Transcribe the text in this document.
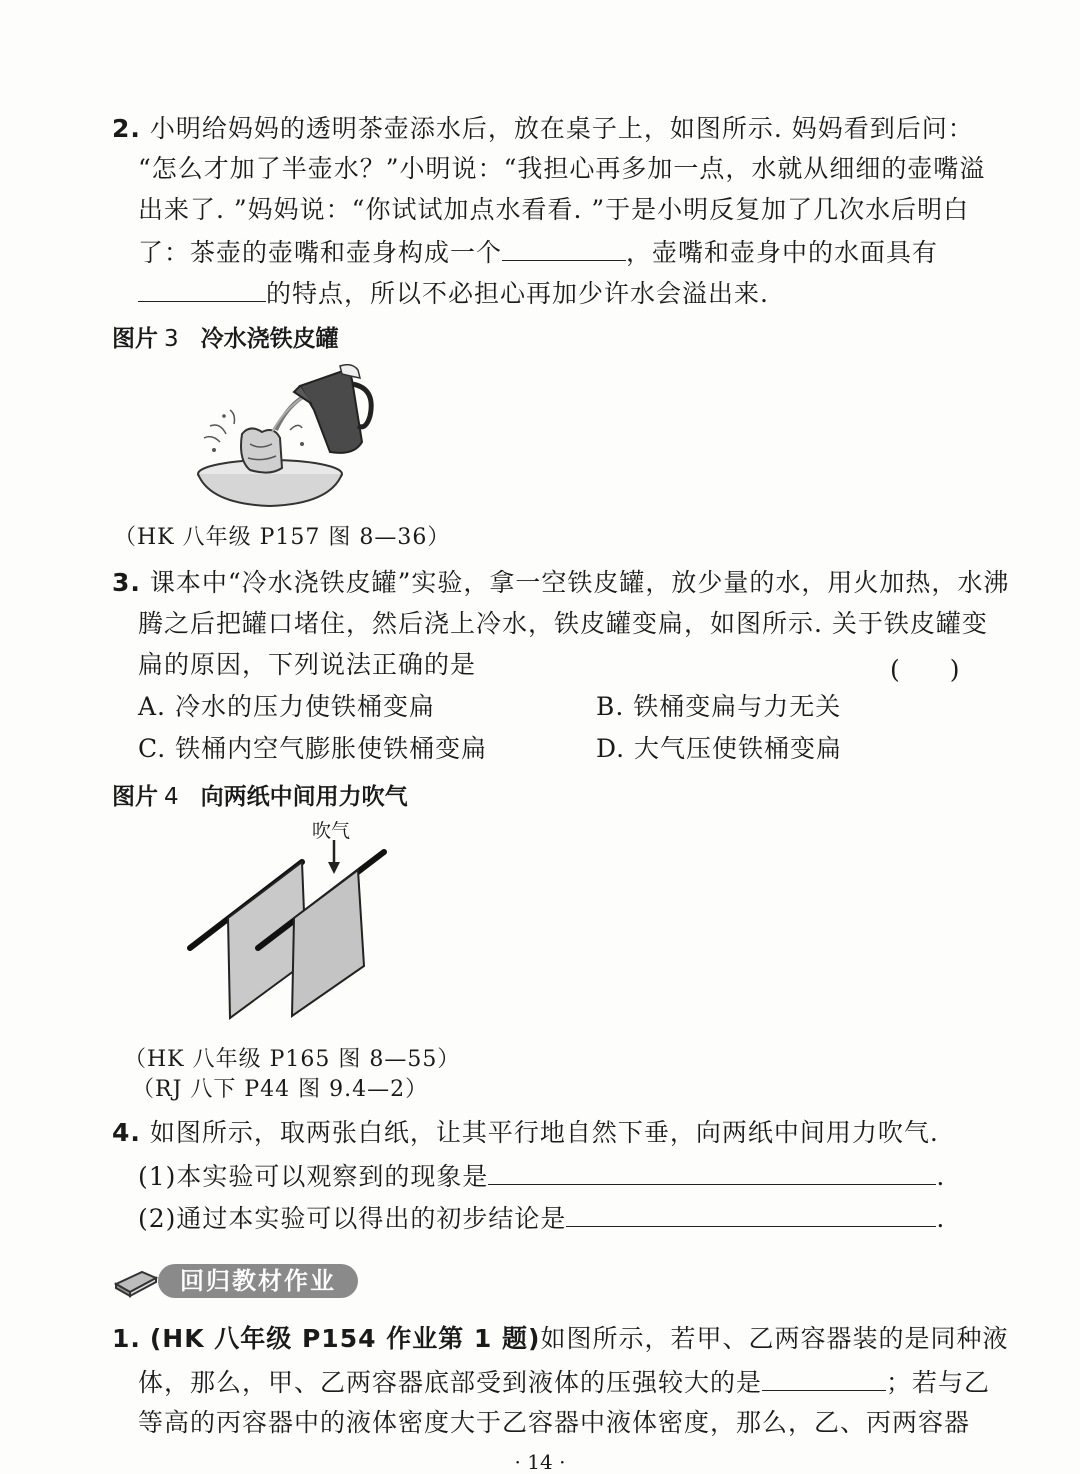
2. 小明给妈妈的透明茶壶添水后，放在桌子上，如图所示. 妈妈看到后问：
“怎么才加了半壶水？”小明说：“我担心再多加一点，水就从细细的壶嘴溢
出来了. ”妈妈说：“你试试加点水看看. ”于是小明反复加了几次水后明白
了：茶壶的壶嘴和壶身构成一个	，壶嘴和壶身中的水面具有
的特点，所以不必担心再加少许水会溢出来.
图片 3 冷水浇铁皮罐
（HK 八年级 P157 图 8—36）
3. 课本中“冷水浇铁皮罐”实验，拿一空铁皮罐，放少量的水，用火加热，水沸
腾之后把罐口堵住，然后浇上冷水，铁皮罐变扁，如图所示. 关于铁皮罐变
扁的原因，下列说法正确的是	(　　)
A. 冷水的压力使铁桶变扁	B. 铁桶变扁与力无关
C. 铁桶内空气膨胀使铁桶变扁	D. 大气压使铁桶变扁
图片 4 向两纸中间用力吹气
吹气
（HK 八年级 P165 图 8—55）
（RJ 八下 P44 图 9.4—2）
4. 如图所示，取两张白纸，让其平行地自然下垂，向两纸中间用力吹气.
(1)本实验可以观察到的现象是	.
(2)通过本实验可以得出的初步结论是	.
回归教材作业
1. (HK 八年级 P154 作业第 1 题)如图所示，若甲、乙两容器装的是同种液
体，那么，甲、乙两容器底部受到液体的压强较大的是	；若与乙
等高的丙容器中的液体密度大于乙容器中液体密度，那么，乙、丙两容器
· 14 ·
